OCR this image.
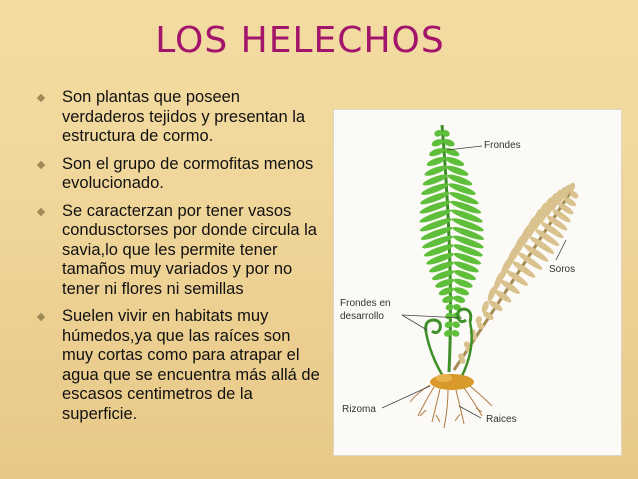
LOS HELECHOS
Son plantas que poseen verdaderos tejidos y presentan la estructura de cormo.
Son el grupo de cormofitas menos evolucionado.
Se caracterzan por tener vasos condusctorses por donde circula la savia,lo que les permite tener tamaños muy variados y por no tener ni flores ni semillas
Suelen vivir en habitats muy húmedos,ya que las raíces son muy cortas como para atrapar el agua que se encuentra más allá de escasos centimetros de la superficie.
Frondes
Soros
Frondes en
desarrollo
Rizoma
Raices
